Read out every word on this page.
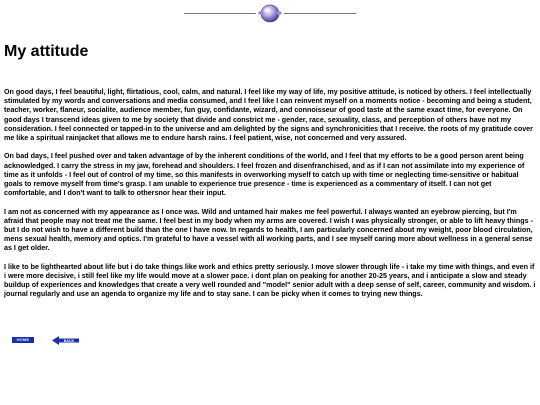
My attitude

On good days, I feel beautiful, light, flirtatious, cool, calm, and natural. I feel like my way of life, my positive attitude, is noticed by others. I feel intellectually stimulated by my words and conversations and media consumed, and I feel like I can reinvent myself on a moments notice - becoming and being a student, teacher, worker, flaneur, socialite, audience member, fun guy, confidante, wizard, and connoisseur of good taste at the same exact time, for everyone. On good days I transcend ideas given to me by society that divide and constrict me - gender, race, sexuality, class, and perception of others have not my consideration. I feel connected or tapped-in to the universe and am delighted by the signs and synchronicities that I receive. the roots of my gratitude cover me like a spiritual rainjacket that allows me to endure harsh rains. I feel patient, wise, not concerned and very assured.

On bad days, I feel pushed over and taken advantage of by the inherent conditions of the world, and I feel that my efforts to be a good person arent being acknowledged. I carry the stress in my jaw, forehead and shoulders. I feel frozen and disenfranchised, and as if I can not assimilate into my experience of time as it unfolds - I feel out of control of my time, so this manifests in overworking myself to catch up with time or neglecting time-sensitive or habitual goals to remove myself from time's grasp. I am unable to experience true presence - time is experienced as a commentary of itself. I can not get comfortable, and I don't want to talk to othersnor hear their input.

I am not as concerned with my appearance as I once was. Wild and untamed hair makes me feel powerful. I always wanted an eyebrow piercing, but I'm afraid that people may not treat me the same. I feel best in my body when my arms are covered. I wish I was physically stronger, or able to lift heavy things - but I do not wish to have a different build than the one I have now. In regards to health, I am particularly concerned about my weight, poor blood circulation, mens sexual health, memory and optics. I'm grateful to have a vessel with all working parts, and I see myself caring more about wellness in a general sense as I get older.

I like to be lighthearted about life but i do take things like work and ethics pretty seriously. I move slower through life - i take my time with things, and even if i were more decisive, i still feel like my life would move at a slower pace. i dont plan on peaking for another 20-25 years, and i anticipate a slow and steady buildup of experiences and knowledges that create a very well rounded and "model" senior adult with a deep sense of self, career, community and wisdom. i journal regularly and use an agenda to organize my life and to stay sane. I can be picky when it comes to trying new things.

HOME	BACK
